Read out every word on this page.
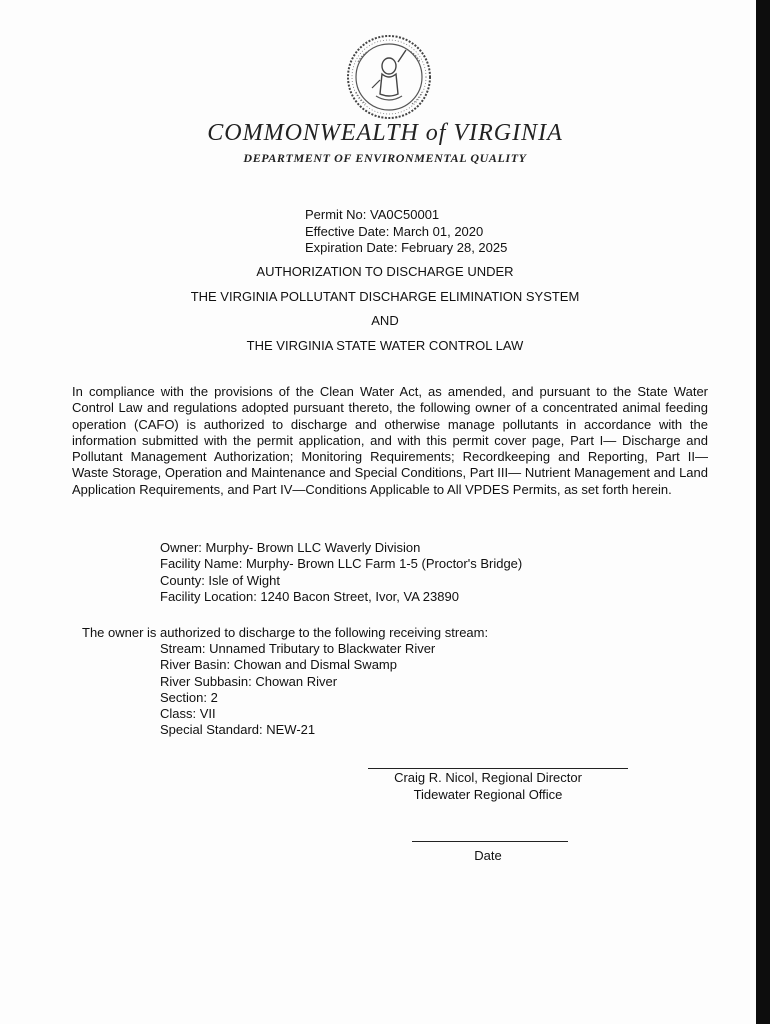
COMMONWEALTH of VIRGINIA
DEPARTMENT OF ENVIRONMENTAL QUALITY
Permit No: VA0C50001
Effective Date: March 01, 2020
Expiration Date: February 28, 2025
AUTHORIZATION TO DISCHARGE UNDER
THE VIRGINIA POLLUTANT DISCHARGE ELIMINATION SYSTEM
AND
THE VIRGINIA STATE WATER CONTROL LAW
In compliance with the provisions of the Clean Water Act, as amended, and pursuant to the State Water Control Law and regulations adopted pursuant thereto, the following owner of a concentrated animal feeding operation (CAFO) is authorized to discharge and otherwise manage pollutants in accordance with the information submitted with the permit application, and with this permit cover page, Part I— Discharge and Pollutant Management Authorization; Monitoring Requirements; Recordkeeping and Reporting, Part II— Waste Storage, Operation and Maintenance and Special Conditions, Part III— Nutrient Management and Land Application Requirements, and Part IV—Conditions Applicable to All VPDES Permits, as set forth herein.
Owner: Murphy- Brown LLC Waverly Division
Facility Name: Murphy- Brown LLC Farm 1-5 (Proctor's Bridge)
County: Isle of Wight
Facility Location: 1240 Bacon Street, Ivor, VA 23890
The owner is authorized to discharge to the following receiving stream:
Stream: Unnamed Tributary to Blackwater River
River Basin: Chowan and Dismal Swamp
River Subbasin: Chowan River
Section: 2
Class: VII
Special Standard: NEW-21
Craig R. Nicol, Regional Director
Tidewater Regional Office
Date
